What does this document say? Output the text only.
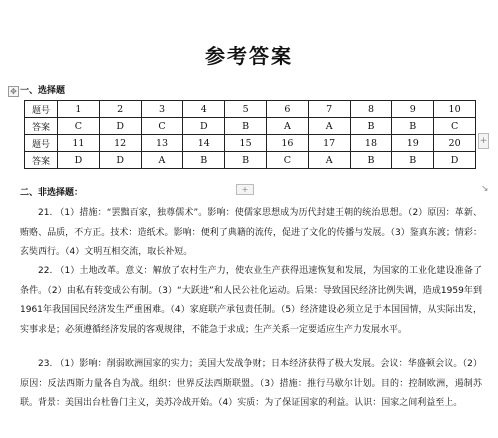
参考答案
✥ 一、选择题
题号	1	2	3	4	5	6	7	8	9	10
答案	C	D	C	D	B	A	A	B	B	C
题号	11	12	13	14	15	16	17	18	19	20
答案	D	D	A	B	B	C	A	B	B	D
+
+	↘
二、非选择题：

21. （1）措施：“罢黜百家，独尊儒术”。影响：使儒家思想成为历代封建王朝的统治思想。（2）原因：革新、贿赂、品质，不方正。技术：造纸术。影响：便利了典籍的流传，促进了文化的传播与发展。（3）鉴真东渡；情彩：玄奘西行。（4）文明互相交流，取长补短。

22. （1）土地改革。意义：解放了农村生产力，使农业生产获得迅速恢复和发展，为国家的工业化建设准备了条件。（2）由私有转变成公有制。（3）“大跃进”和人民公社化运动。后果：导致国民经济比例失调，造成1959年到1961年我国国民经济发生严重困难。（4）家庭联产承包责任制。（5）经济建设必须立足于本国国情，从实际出发，实事求是；必须遵循经济发展的客观规律，不能急于求成；生产关系一定要适应生产力发展水平。

23. （1）影响：削弱欧洲国家的实力；美国大发战争财；日本经济获得了极大发展。会议：华盛顿会议。（2）原因：反法西斯力量各自为战。组织：世界反法西斯联盟。（3）措施：推行马歇尔计划。目的：控制欧洲，遏制苏联。背景：美国出台杜鲁门主义，美苏冷战开始。（4）实质：为了保证国家的利益。认识：国家之间利益至上。
